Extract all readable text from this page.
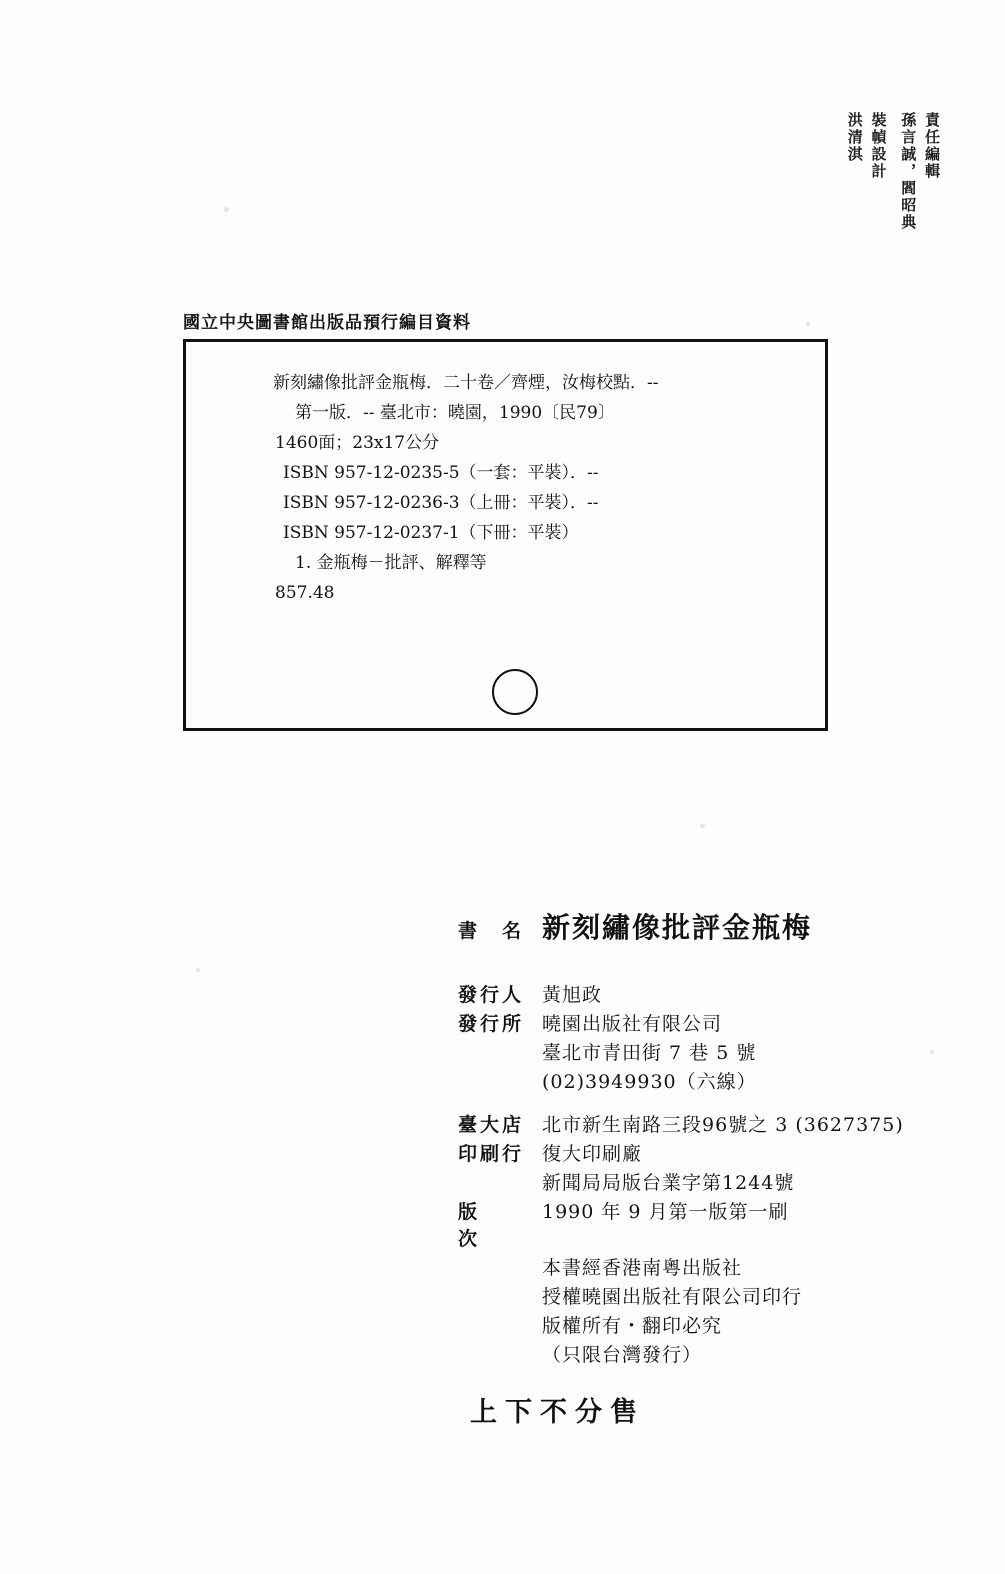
洪清淇 裝幀設計 孫言誠，閻昭典 責任編輯
國立中央圖書館出版品預行編目資料
新刻繡像批評金瓶梅．二十卷／齊煙，汝梅校點．--
第一版．-- 臺北市：曉園，1990〔民79〕
1460面；23x17公分
ISBN 957-12-0235-5（一套：平裝）．--
ISBN 957-12-0236-3（上冊：平裝）．--
ISBN 957-12-0237-1（下冊：平裝）
1. 金瓶梅－批評、解釋等
857.48
書　名 新刻繡像批評金瓶梅
發行人 黃旭政
發行所 曉園出版社有限公司
臺北市青田街 7 巷 5 號
(02)3949930（六線）
臺大店 北市新生南路三段96號之 3 (3627375)
印刷行 復大印刷廠
新聞局局版台業字第1244號
版　次
1990 年 9 月第一版第一刷
本書經香港南粵出版社
授權曉園出版社有限公司印行
版權所有・翻印必究
（只限台灣發行）
上下不分售
